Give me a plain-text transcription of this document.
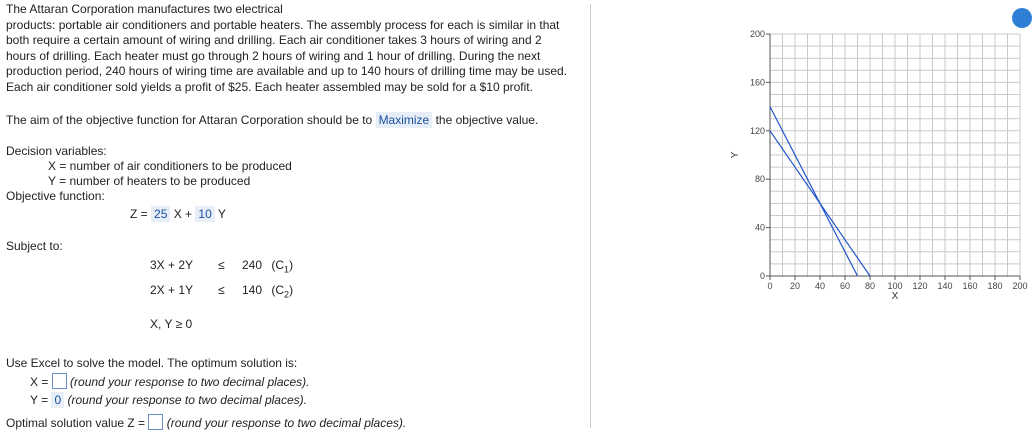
The Attaran Corporation manufactures two electrical
products: portable air conditioners and portable heaters. The assembly process for each is similar in that
both require a certain amount of wiring and drilling. Each air conditioner takes 3 hours of wiring and 2
hours of drilling. Each heater must go through 2 hours of wiring and 1 hour of drilling. During the next
production period, 240 hours of wiring time are available and up to 140 hours of drilling time may be used.
Each air conditioner sold yields a profit of $25. Each heater assembled may be sold for a $10 profit.
The aim of the objective function for Attaran Corporation should be to Maximize the objective value.
Decision variables:
X = number of air conditioners to be produced
Y = number of heaters to be produced
Objective function:
Z = 25 X + 10 Y
Subject to:
3X + 2Y ≤ 240 $(C_1)$
2X + 1Y ≤ 140 $(C_2)$
X, Y ≥ 0
Use Excel to solve the model. The optimum solution is:
X = (round your response to two decimal places).
Y = 0 (round your response to two decimal places).
Optimal solution value Z = (round your response to two decimal places).
0 20 40 60 80 100 120 140 160 180 200
0
40
80
120
160
200
X
Y
